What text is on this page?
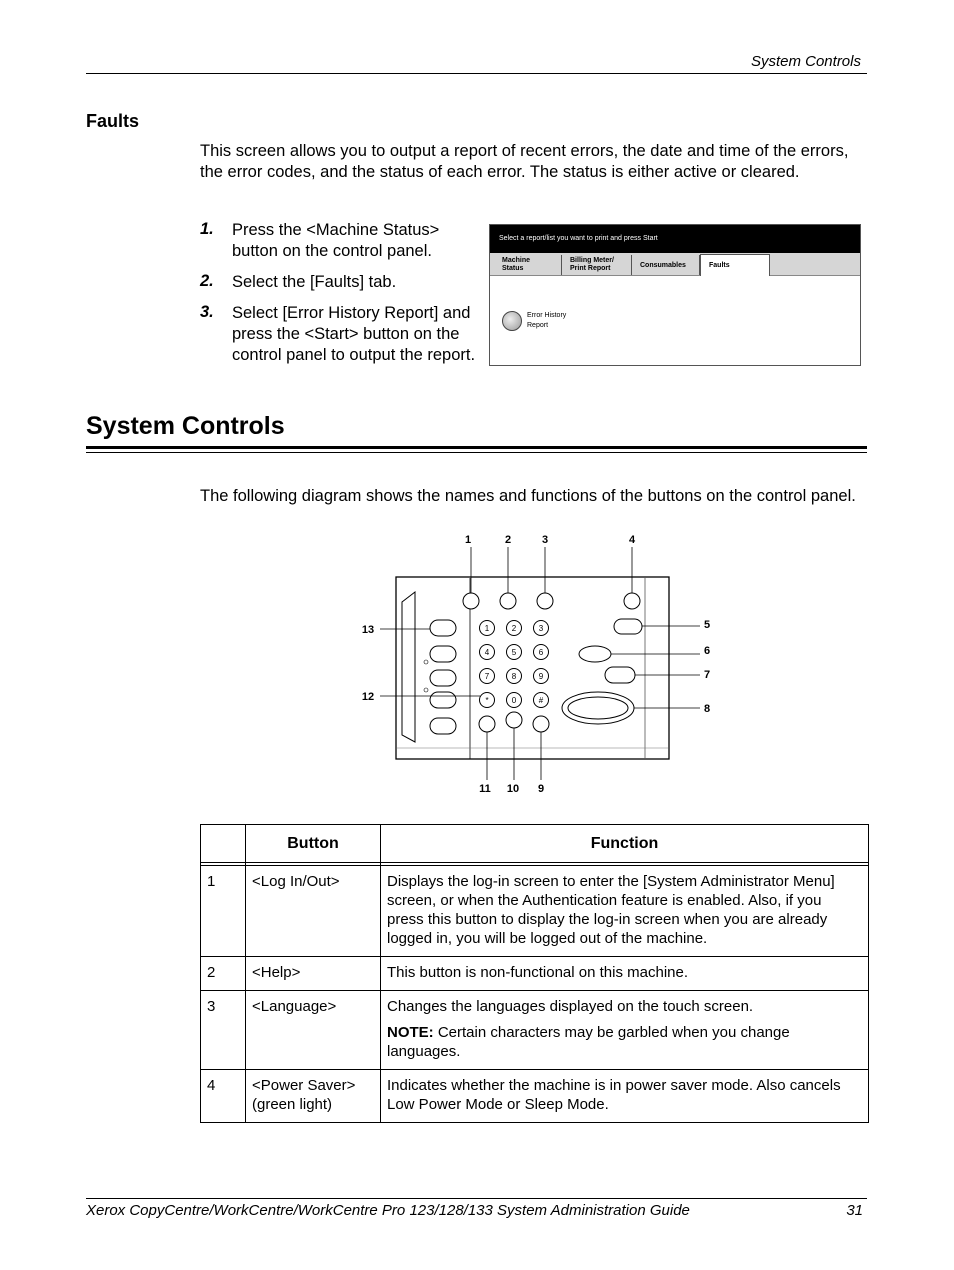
System Controls
Faults
This screen allows you to output a report of recent errors, the date and time of the errors, the error codes, and the status of each error. The status is either active or cleared.
1. Press the <Machine Status> button on the control panel.
2. Select the [Faults] tab.
3. Select [Error History Report] and press the <Start> button on the control panel to output the report.
Select a report/list you want to print and press Start
Machine
Status
Billing Meter/
Print Report	Consumables	Faults
Error History
Report
System Controls
The following diagram shows the names and functions of the buttons on the control panel.
1	2	3
4	5	6
7	8	9
*	0	#
1	2	3	4
5
6
7
8
9
10
11
12
13
	Button	Function

1	<Log In/Out>	Displays the log-in screen to enter the [System Administrator Menu] screen, or when the Authentication feature is enabled. Also, if you press this button to display the log-in screen when you are already logged in, you will be logged out of the machine.
2	<Help>	This button is non-functional on this machine.
3	<Language>	Changes the languages displayed on the touch screen.
NOTE: Certain characters may be garbled when you change languages.

4	<Power Saver> (green light)	Indicates whether the machine is in power saver mode. Also cancels Low Power Mode or Sleep Mode.
Xerox CopyCentre/WorkCentre/WorkCentre Pro 123/128/133 System Administration Guide	31
